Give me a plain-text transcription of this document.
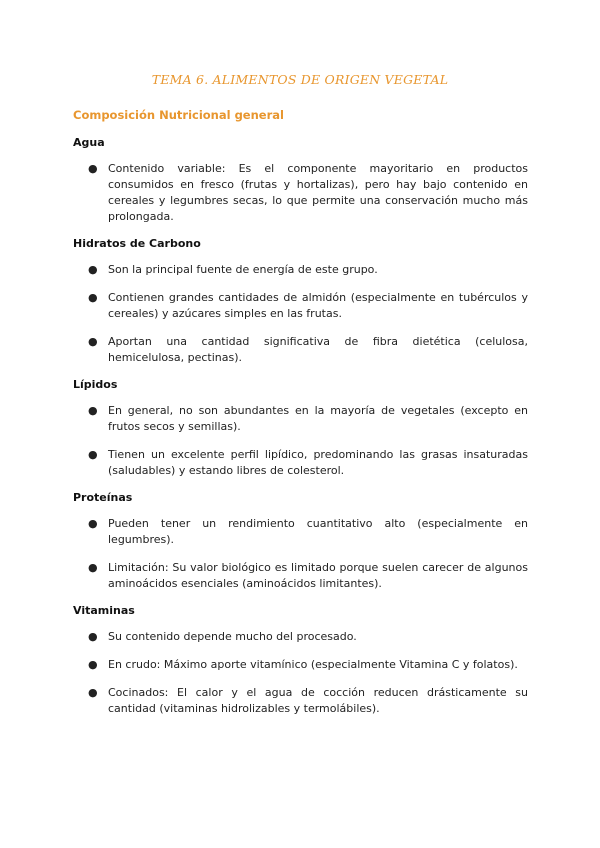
TEMA 6. ALIMENTOS DE ORIGEN VEGETAL
Composición Nutricional general
Agua
● Contenido variable: Es el componente mayoritario en productos consumidos en fresco (frutas y hortalizas), pero hay bajo contenido en cereales y legumbres secas, lo que permite una conservación mucho más prolongada.
Hidratos de Carbono
● Son la principal fuente de energía de este grupo.
● Contienen grandes cantidades de almidón (especialmente en tubérculos y cereales) y azúcares simples en las frutas.
● Aportan una cantidad significativa de fibra dietética (celulosa, hemicelulosa, pectinas).
Lípidos
● En general, no son abundantes en la mayoría de vegetales (excepto en frutos secos y semillas).
● Tienen un excelente perfil lipídico, predominando las grasas insaturadas (saludables) y estando libres de colesterol.
Proteínas
● Pueden tener un rendimiento cuantitativo alto (especialmente en legumbres).
● Limitación: Su valor biológico es limitado porque suelen carecer de algunos aminoácidos esenciales (aminoácidos limitantes).
Vitaminas
● Su contenido depende mucho del procesado.
● En crudo: Máximo aporte vitamínico (especialmente Vitamina C y folatos).
● Cocinados: El calor y el agua de cocción reducen drásticamente su cantidad (vitaminas hidrolizables y termolábiles).
